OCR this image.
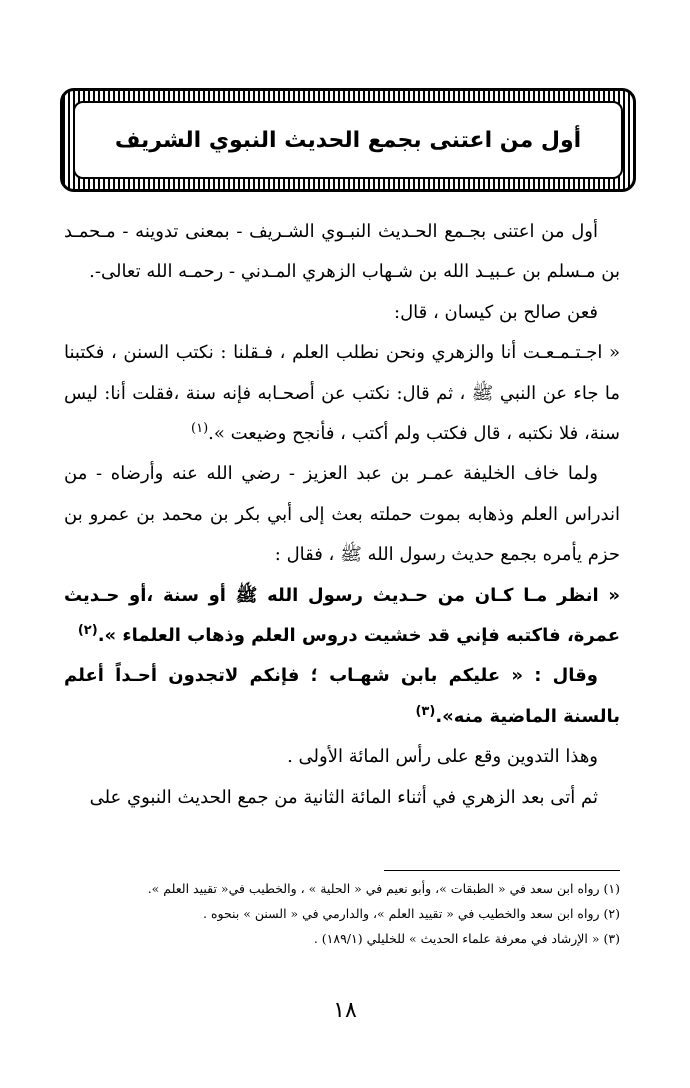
أول من اعتنى بجمع الحديث النبوي الشريف

أول من اعتنى بجـمع الحـديث النبـوي الشـريف - بمعنى تدوينه - مـحمـد بن مـسلم بن عـبيـد الله بن شـهاب الزهري المـدني - رحمـه الله تعالى-.

فعن صالح بن كيسان ، قال:

« اجـتـمـعـت أنا والزهري ونحن نطلب العلم ، فـقلنا : نكتب السنن ، فكتبنا ما جاء عن النبي ﷺ ، ثم قال: نكتب عن أصحـابه فإنه سنة ،فقلت أنا: ليس سنة، فلا نكتبه ، قال فكتب ولم أكتب ، فأنجح وضيعت ».$^{(١)}$

ولما خاف الخليفة عمـر بن عبد العزيز - رضي الله عنه وأرضاه - من اندراس العلم وذهابه بموت حملته بعث إلى أبي بكر بن محمد بن عمرو بن حزم يأمره بجمع حديث رسول الله ﷺ ، فقال :

« انظر مـا كـان من حـديث رسول الله ﷺ أو سنة ،أو حـديث عمرة، فاكتبه فإني قد خشيت دروس العلم وذهاب العلماء ».$^{(٢)}$

وقال : « عليكم بابن شهـاب ؛ فإنكم لاتجدون أحـداً أعلم بالسنة الماضية منه».$^{(٣)}$

وهذا التدوين وقع على رأس المائة الأولى .

ثم أتى بعد الزهري في أثناء المائة الثانية من جمع الحديث النبوي على

(١) رواه ابن سعد في « الطبقات »، وأبو نعيم في « الحلية » ، والخطيب في« تقييد العلم ».

(٢) رواه ابن سعد والخطيب في « تقييد العلم »، والدارمي في « السنن » بنحوه .

(٣) « الإرشاد في معرفة علماء الحديث » للخليلي (١٨٩/١) .

١٨
